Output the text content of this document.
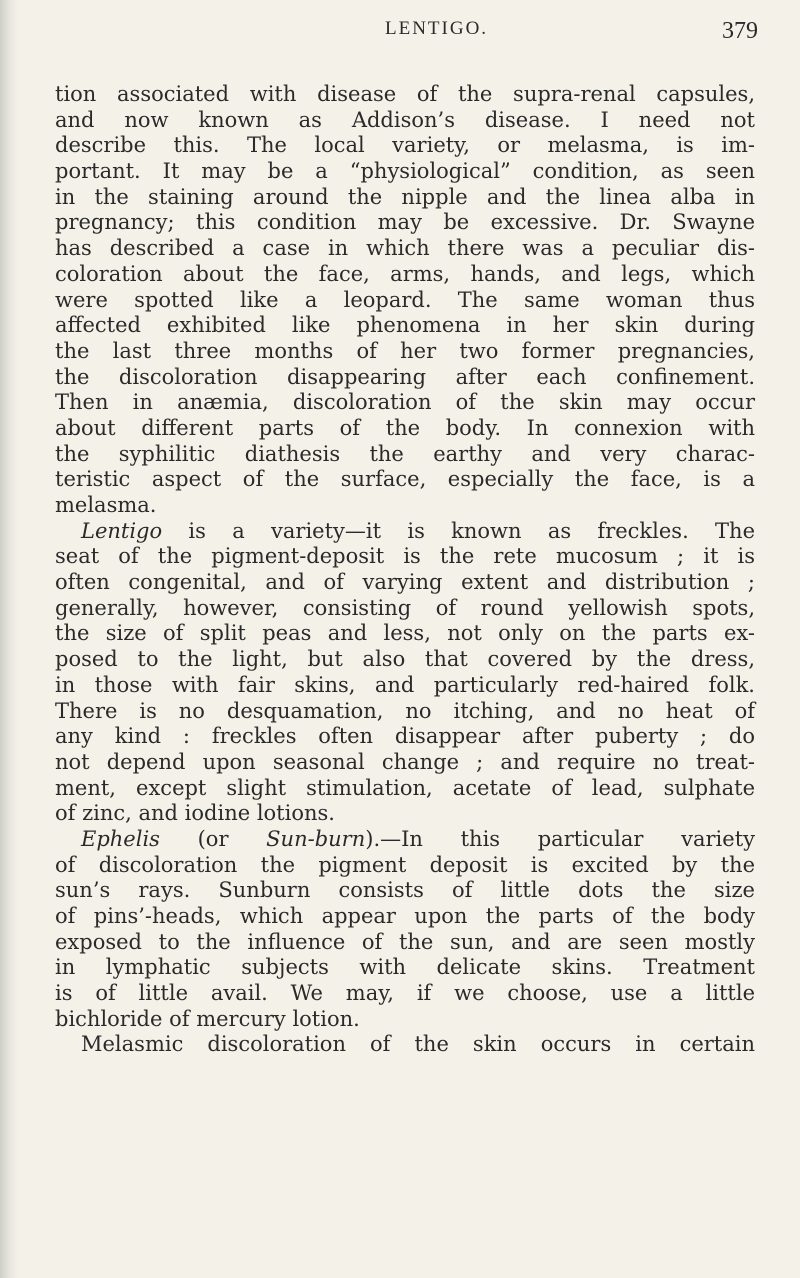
LENTIGO.	379
tion associated with disease of the supra-renal capsules,
and now known as Addison’s disease. I need not
describe this. The local variety, or melasma, is im-
portant. It may be a “physiological” condition, as seen
in the staining around the nipple and the linea alba in
pregnancy; this condition may be excessive. Dr. Swayne
has described a case in which there was a peculiar dis-
coloration about the face, arms, hands, and legs, which
were spotted like a leopard. The same woman thus
affected exhibited like phenomena in her skin during
the last three months of her two former pregnancies,
the discoloration disappearing after each confinement.
Then in anæmia, discoloration of the skin may occur
about different parts of the body. In connexion with
the syphilitic diathesis the earthy and very charac-
teristic aspect of the surface, especially the face, is a
melasma.
Lentigo is a variety—it is known as freckles. The
seat of the pigment-deposit is the rete mucosum ; it is
often congenital, and of varying extent and distribution ;
generally, however, consisting of round yellowish spots,
the size of split peas and less, not only on the parts ex-
posed to the light, but also that covered by the dress,
in those with fair skins, and particularly red-haired folk.
There is no desquamation, no itching, and no heat of
any kind : freckles often disappear after puberty ; do
not depend upon seasonal change ; and require no treat-
ment, except slight stimulation, acetate of lead, sulphate
of zinc, and iodine lotions.
Ephelis (or Sun-burn).—In this particular variety
of discoloration the pigment deposit is excited by the
sun’s rays. Sunburn consists of little dots the size
of pins’-heads, which appear upon the parts of the body
exposed to the influence of the sun, and are seen mostly
in lymphatic subjects with delicate skins. Treatment
is of little avail. We may, if we choose, use a little
bichloride of mercury lotion.
Melasmic discoloration of the skin occurs in certain
